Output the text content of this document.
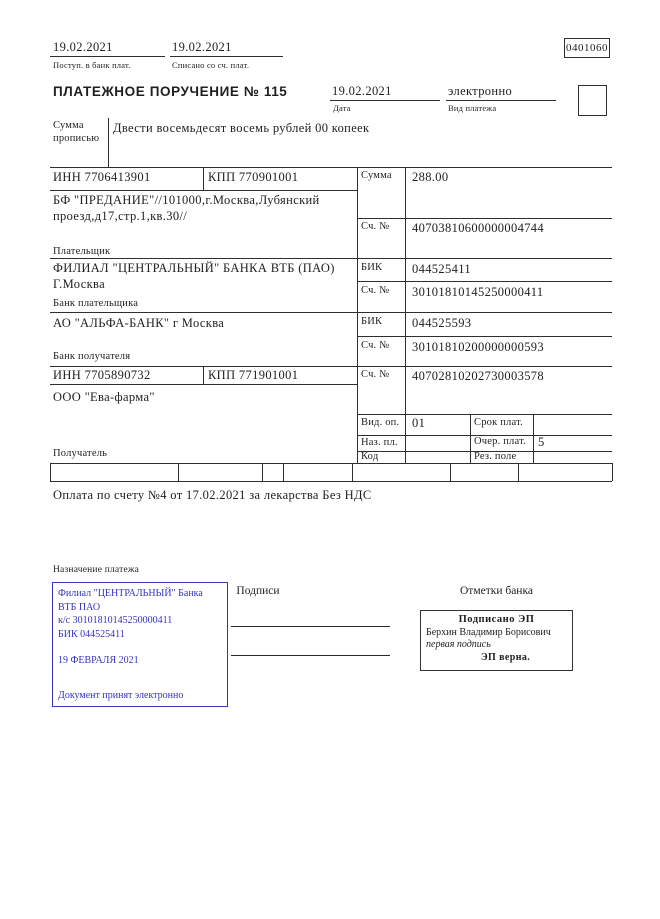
19.02.2021
Поступ. в банк плат.
19.02.2021
Списано со сч. плат.
0401060
ПЛАТЕЖНОЕ ПОРУЧЕНИЕ № 115	19.02.2021
Дата
электронно
Вид платежа
Сумма прописью
Двести восемьдесят восемь рублей 00 копеек
ИНН 7706413901	КПП 770901001
БФ "ПРЕДАНИЕ"//101000,г.Москва,Лубянский проезд,д17,стр.1,кв.30//
Плательщик
Сумма 288.00
Сч. № 40703810600000004744
ФИЛИАЛ "ЦЕНТРАЛЬНЫЙ" БАНКА ВТБ (ПАО) Г.Москва
Банк плательщика
БИК 044525411
Сч. № 30101810145250000411
АО "АЛЬФА-БАНК" г Москва
Банк получателя
БИК 044525593
Сч. № 30101810200000000593
ИНН 7705890732	КПП 771901001
ООО "Ева-фарма"
Получатель
Сч. № 40702810202730003578
Вид. оп. 01	Срок плат.
Наз. пл.	Очер. плат. 5
Код	Рез. поле
Оплата по счету №4 от 17.02.2021 за лекарства Без НДС
Назначение платежа
Филиал "ЦЕНТРАЛЬНЫЙ" Банка
ВТБ ПАО
к/с 30101810145250000411
БИК 044525411
19 ФЕВРАЛЯ 2021
Документ принят электронно
Подписи	Отметки банка
Подписано ЭП
Берхин Владимир Борисович
первая подпись
ЭП верна.
